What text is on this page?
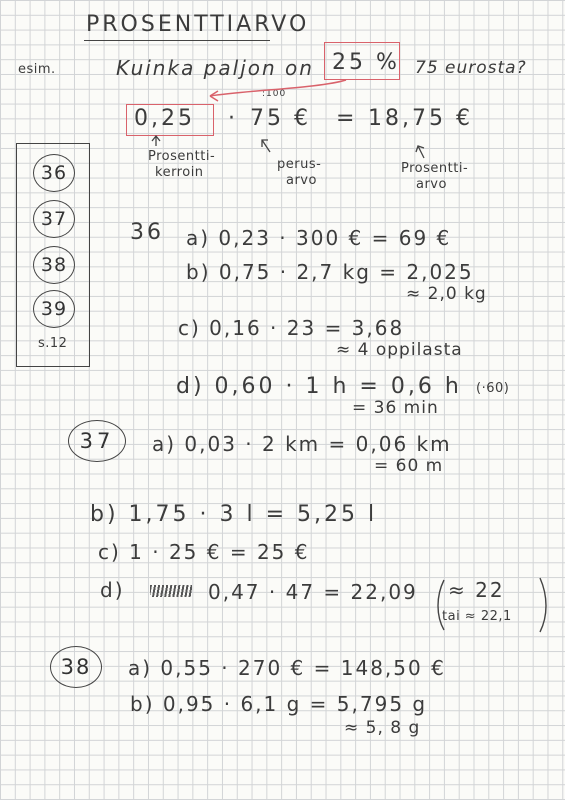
PROSENTTIARVO
esim.	Kuinka paljon on 25 % 75 eurosta?
:100
0,25 · 75 € = 18,75 €
Prosentti-
kerroin
perus-
arvo
Prosentti-
arvo
36
37
38
39
s.12
36 a) 0,23 · 300 € = 69 €
b) 0,75 · 2,7 kg = 2,025
≈ 2,0 kg
c) 0,16 · 23 = 3,68
≈ 4 oppilasta
d) 0,60 · 1 h = 0,6 h (·60)
= 36 min
37	a) 0,03 · 2 km = 0,06 km
= 60 m
b) 1,75 · 3 l = 5,25 l
c) 1 · 25 € = 25 €
d)	0,47 · 47 = 22,09 ≈ 22
tai ≈ 22,1
38	a) 0,55 · 270 € = 148,50 €
b) 0,95 · 6,1 g = 5,795 g
≈ 5, 8 g
